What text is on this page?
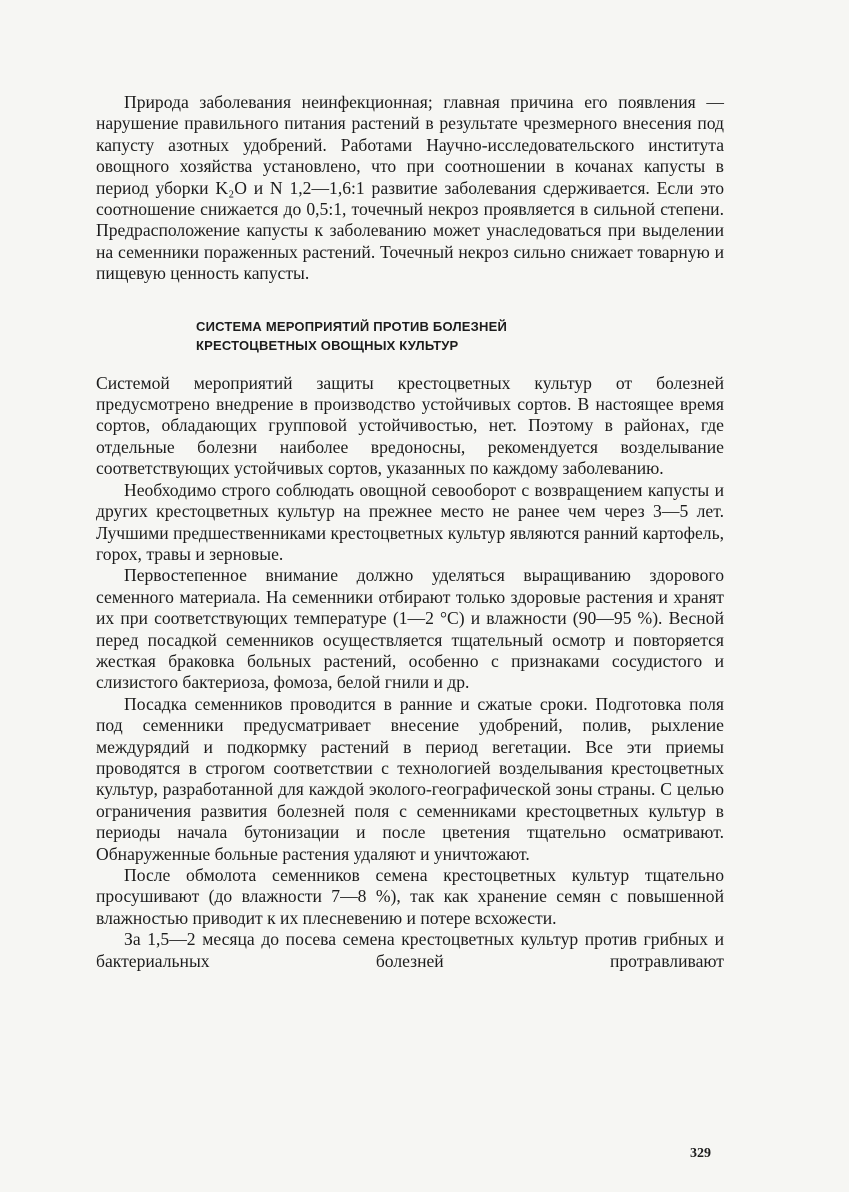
Природа заболевания неинфекционная; главная причина его появления — нарушение правильного питания растений в результате чрезмерного внесения под капусту азотных удобрений. Работами Научно-исследовательского института овощного хозяйства установлено, что при соотношении в кочанах капусты в период уборки K₂O и N 1,2—1,6:1 развитие заболевания сдерживается. Если это соотношение снижается до 0,5:1, точечный некроз проявляется в сильной степени. Предрасположение капусты к заболеванию может унаследоваться при выделении на семенники пораженных растений. Точечный некроз сильно снижает товарную и пищевую ценность капусты.

СИСТЕМА МЕРОПРИЯТИЙ ПРОТИВ БОЛЕЗНЕЙ
КРЕСТОЦВЕТНЫХ ОВОЩНЫХ КУЛЬТУР

Системой мероприятий защиты крестоцветных культур от болезней предусмотрено внедрение в производство устойчивых сортов. В настоящее время сортов, обладающих групповой устойчивостью, нет. Поэтому в районах, где отдельные болезни наиболее вредоносны, рекомендуется возделывание соответствующих устойчивых сортов, указанных по каждому заболеванию.

Необходимо строго соблюдать овощной севооборот с возвращением капусты и других крестоцветных культур на прежнее место не ранее чем через 3—5 лет. Лучшими предшественниками крестоцветных культур являются ранний картофель, горох, травы и зерновые.

Первостепенное внимание должно уделяться выращиванию здорового семенного материала. На семенники отбирают только здоровые растения и хранят их при соответствующих температуре (1—2 °С) и влажности (90—95 %). Весной перед посадкой семенников осуществляется тщательный осмотр и повторяется жесткая браковка больных растений, особенно с признаками сосудистого и слизистого бактериоза, фомоза, белой гнили и др.

Посадка семенников проводится в ранние и сжатые сроки. Подготовка поля под семенники предусматривает внесение удобрений, полив, рыхление междурядий и подкормку растений в период вегетации. Все эти приемы проводятся в строгом соответствии с технологией возделывания крестоцветных культур, разработанной для каждой эколого-географической зоны страны. С целью ограничения развития болезней поля с семенниками крестоцветных культур в периоды начала бутонизации и после цветения тщательно осматривают. Обнаруженные больные растения удаляют и уничтожают.

После обмолота семенников семена крестоцветных культур тщательно просушивают (до влажности 7—8 %), так как хранение семян с повышенной влажностью приводит к их плесневению и потере всхожести.

За 1,5—2 месяца до посева семена крестоцветных культур против грибных и бактериальных болезней протравливают

329
